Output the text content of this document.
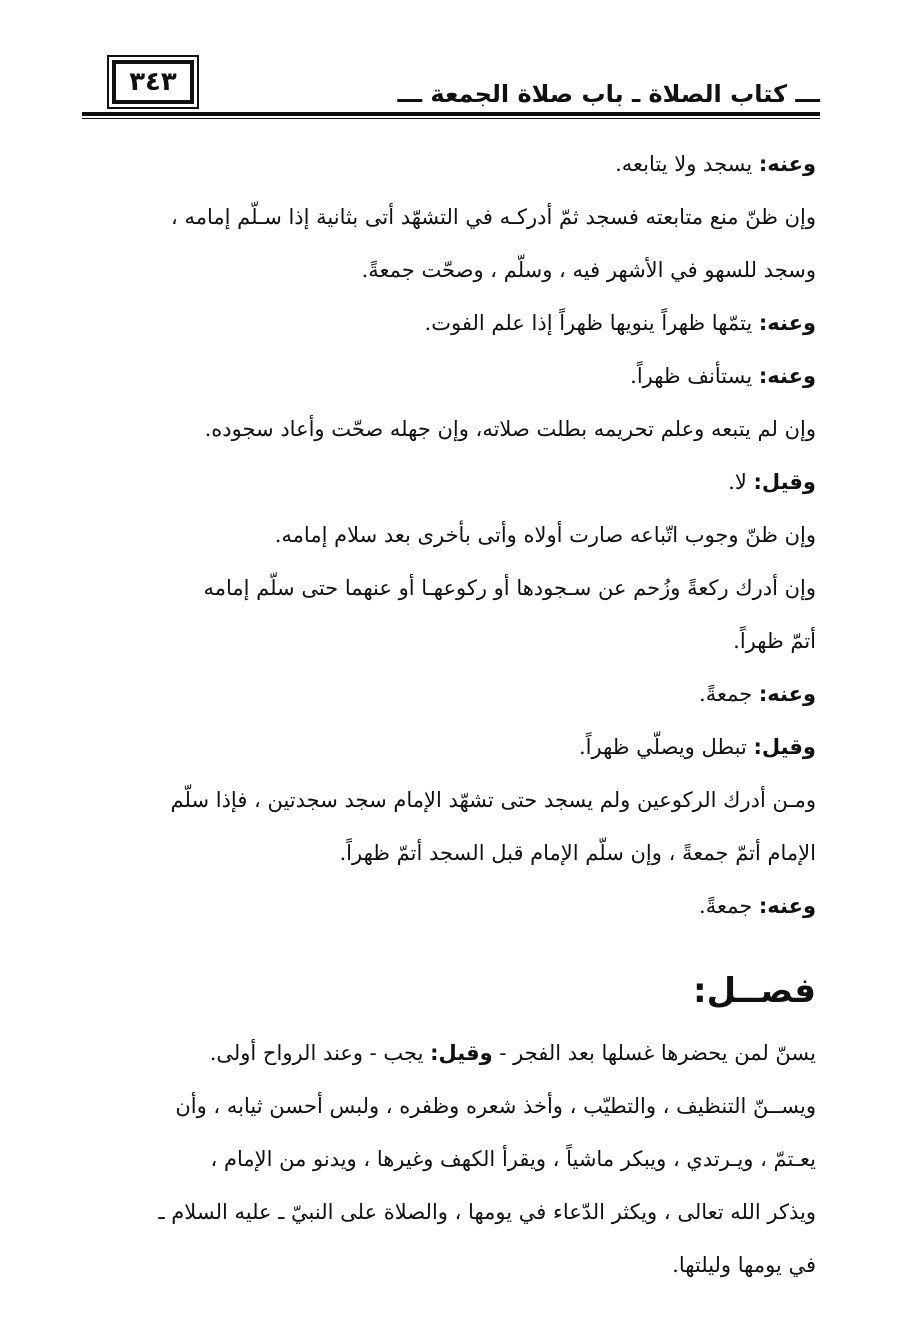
٣٤٣	ـــ كتاب الصلاة ـ باب صلاة الجمعة ـــ
وعنه: يسجد ولا يتابعه.
وإن ظنّ منع متابعته فسجد ثمّ أدركـه في التشهّد أتى بثانية إذا سـلّم إمامه ،
وسجد للسهو في الأشهر فيه ، وسلّم ، وصحّت جمعةً.
وعنه: يتمّها ظهراً ينويها ظهراً إذا علم الفوت.
وعنه: يستأنف ظهراً.
وإن لم يتبعه وعلم تحريمه بطلت صلاته، وإن جهله صحّت وأعاد سجوده.
وقيل: لا.
وإن ظنّ وجوب اتّباعه صارت أولاه وأتى بأخرى بعد سلام إمامه.
وإن أدرك ركعةً وزُحم عن سـجودها أو ركوعهـا أو عنهما حتى سلّم إمامه
أتمّ ظهراً.
وعنه: جمعةً.
وقيل: تبطل ويصلّي ظهراً.
ومـن أدرك الركوعين ولم يسجد حتى تشهّد الإمام سجد سجدتين ، فإذا سلّم
الإمام أتمّ جمعةً ، وإن سلّم الإمام قبل السجد أتمّ ظهراً.
وعنه: جمعةً.
فصــل:
يسنّ لمن يحضرها غسلها بعد الفجر - وقيل: يجب - وعند الرواح أولى.
ويســنّ التنظيف ، والتطيّب ، وأخذ شعره وظفره ، ولبس أحسن ثيابه ، وأن
يعـتمّ ، ويـرتدي ، ويبكر ماشياً ، ويقرأ الكهف وغيرها ، ويدنو من الإمام ،
ويذكر الله تعالى ، ويكثر الدّعاء في يومها ، والصلاة على النبيّ ـ عليه السلام ـ
في يومها وليلتها.
